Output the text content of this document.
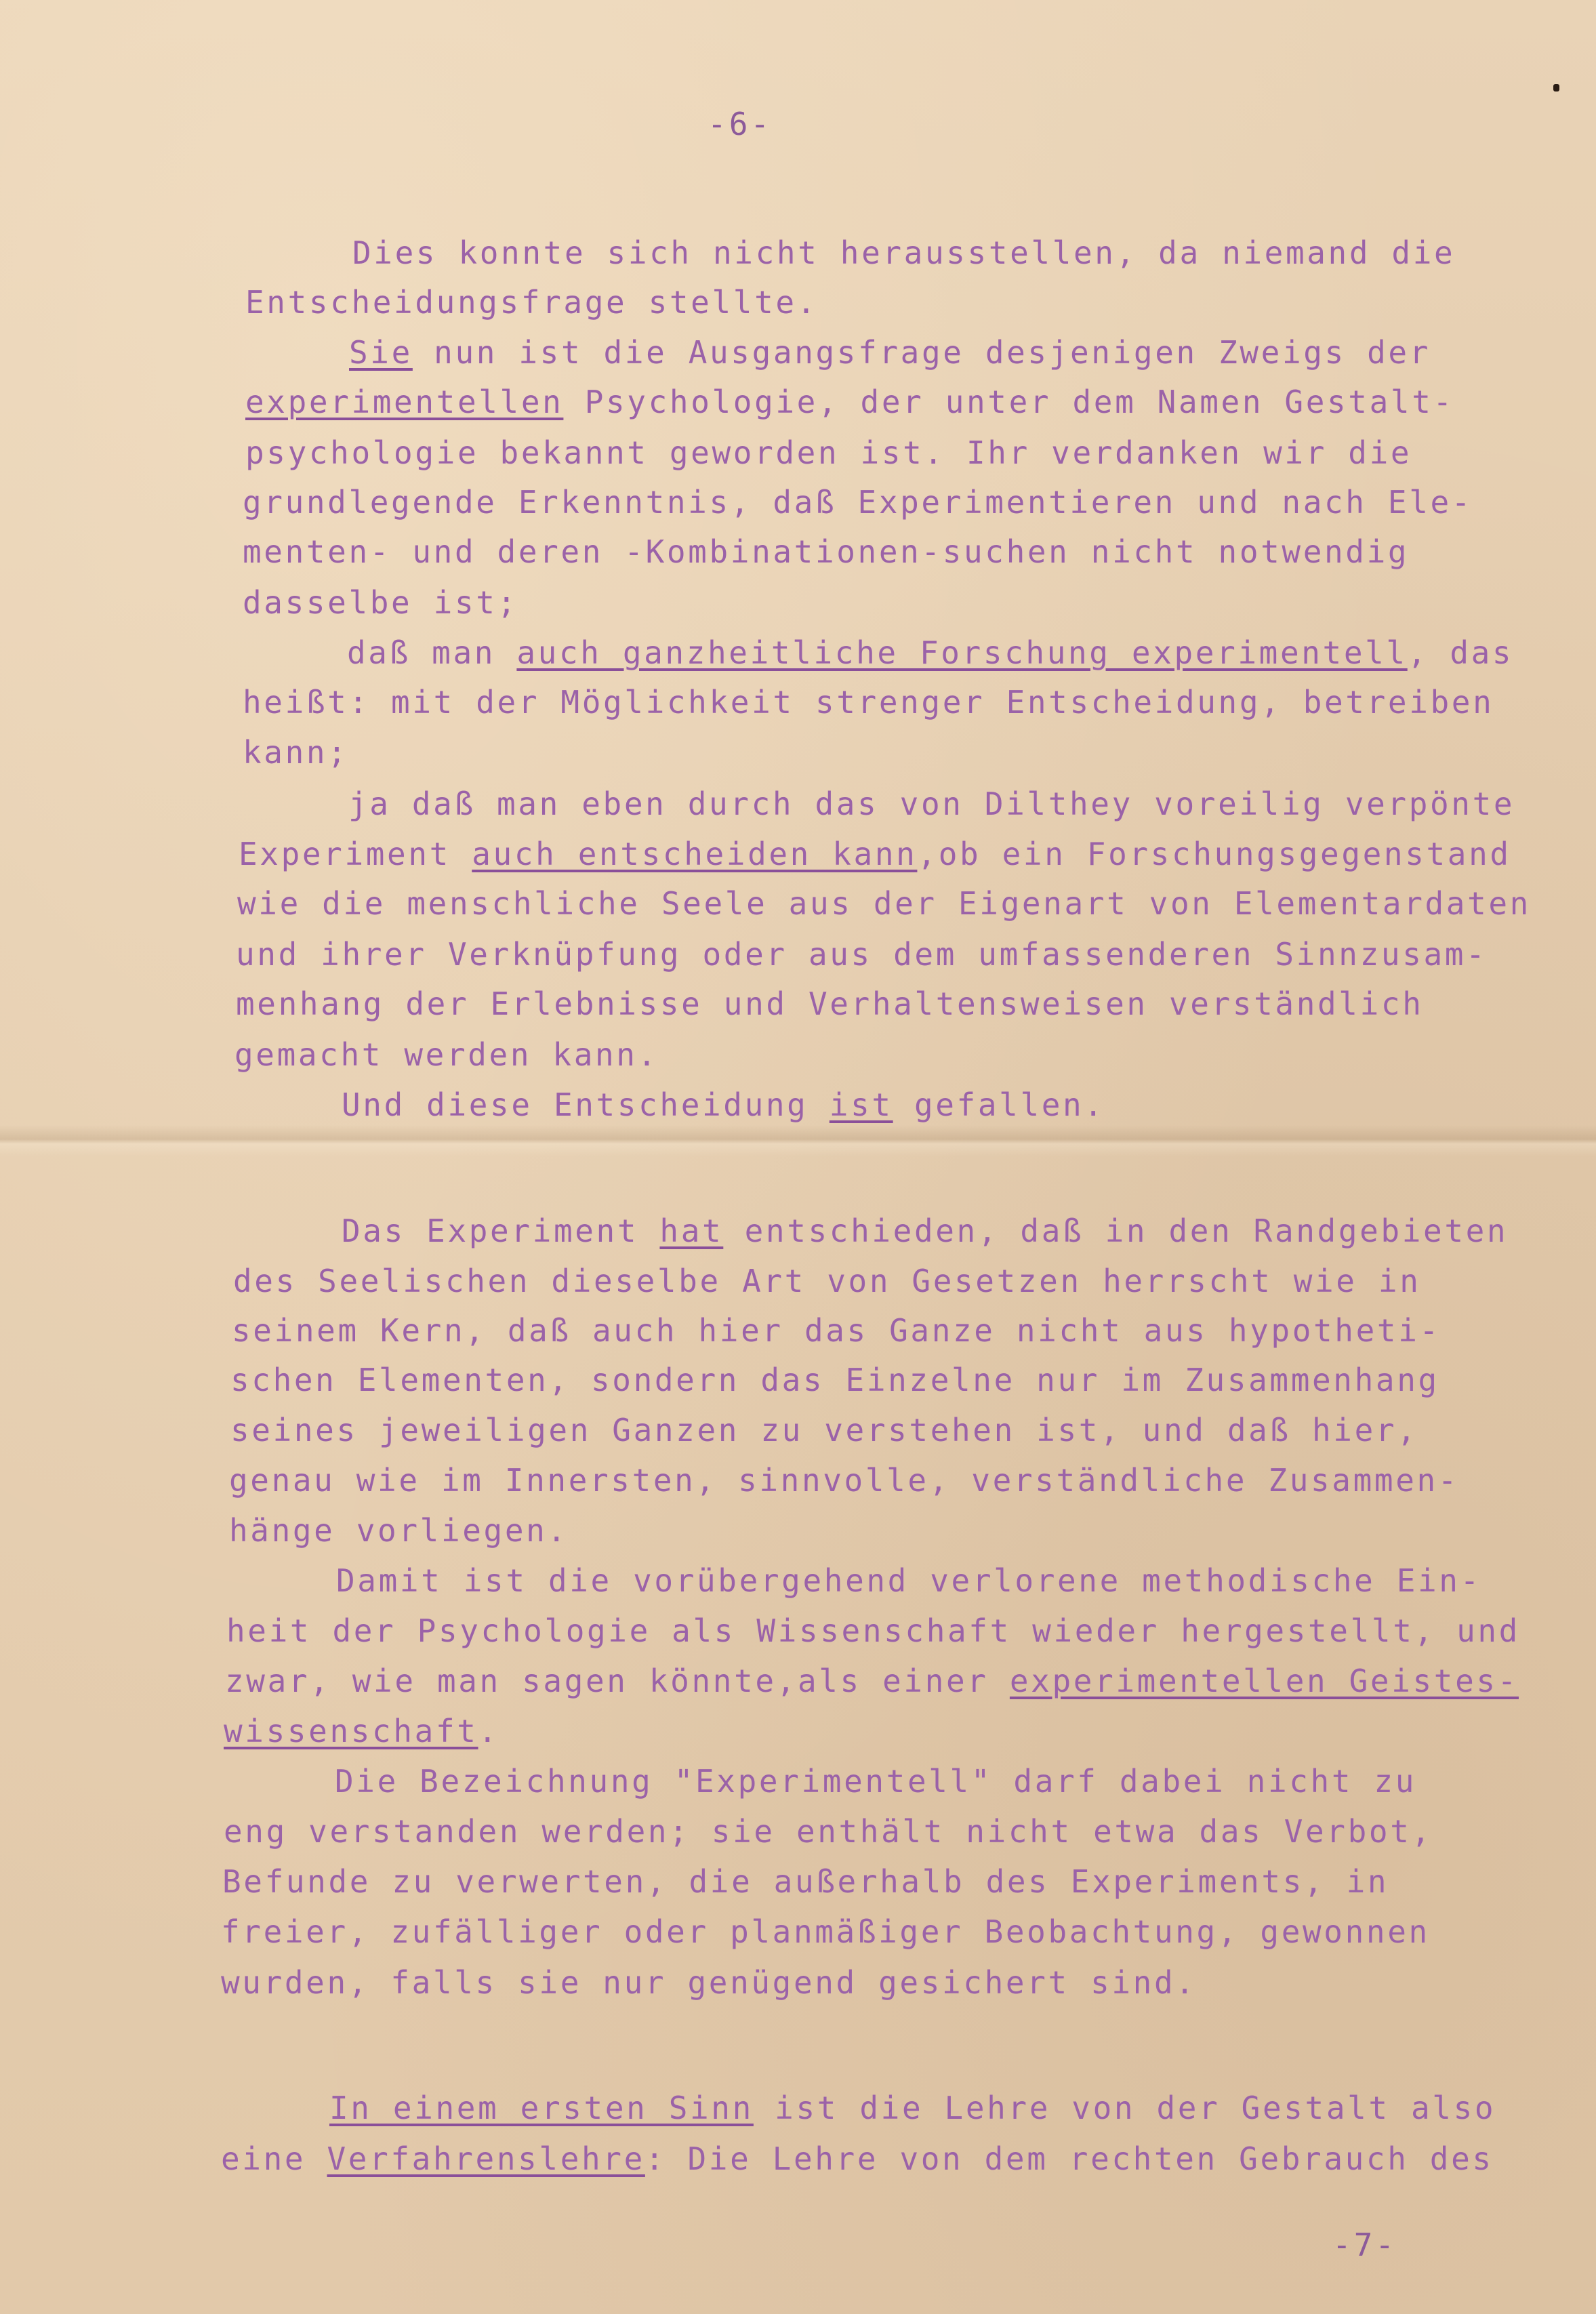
-6-

Dies konnte sich nicht herausstellen, da niemand die

Entscheidungsfrage stellte.

Sie nun ist die Ausgangsfrage desjenigen Zweigs der

experimentellen Psychologie, der unter dem Namen Gestalt-

psychologie bekannt geworden ist. Ihr verdanken wir die

grundlegende Erkenntnis, daß Experimentieren und nach Ele-

menten- und deren -Kombinationen-suchen nicht notwendig

dasselbe ist;

daß man auch ganzheitliche Forschung experimentell, das

heißt: mit der Möglichkeit strenger Entscheidung, betreiben

kann;

ja daß man eben durch das von Dilthey voreilig verpönte

Experiment auch entscheiden kann,ob ein Forschungsgegenstand

wie die menschliche Seele aus der Eigenart von Elementardaten

und ihrer Verknüpfung oder aus dem umfassenderen Sinnzusam-

menhang der Erlebnisse und Verhaltensweisen verständlich

gemacht werden kann.

Und diese Entscheidung ist gefallen.

Das Experiment hat entschieden, daß in den Randgebieten

des Seelischen dieselbe Art von Gesetzen herrscht wie in

seinem Kern, daß auch hier das Ganze nicht aus hypotheti-

schen Elementen, sondern das Einzelne nur im Zusammenhang

seines jeweiligen Ganzen zu verstehen ist, und daß hier,

genau wie im Innersten, sinnvolle, verständliche Zusammen-

hänge vorliegen.

Damit ist die vorübergehend verlorene methodische Ein-

heit der Psychologie als Wissenschaft wieder hergestellt, und

zwar, wie man sagen könnte,als einer experimentellen Geistes-

wissenschaft.

Die Bezeichnung "Experimentell" darf dabei nicht zu

eng verstanden werden; sie enthält nicht etwa das Verbot,

Befunde zu verwerten, die außerhalb des Experiments, in

freier, zufälliger oder planmäßiger Beobachtung, gewonnen

wurden, falls sie nur genügend gesichert sind.

In einem ersten Sinn ist die Lehre von der Gestalt also

eine Verfahrenslehre: Die Lehre von dem rechten Gebrauch des

-7-
